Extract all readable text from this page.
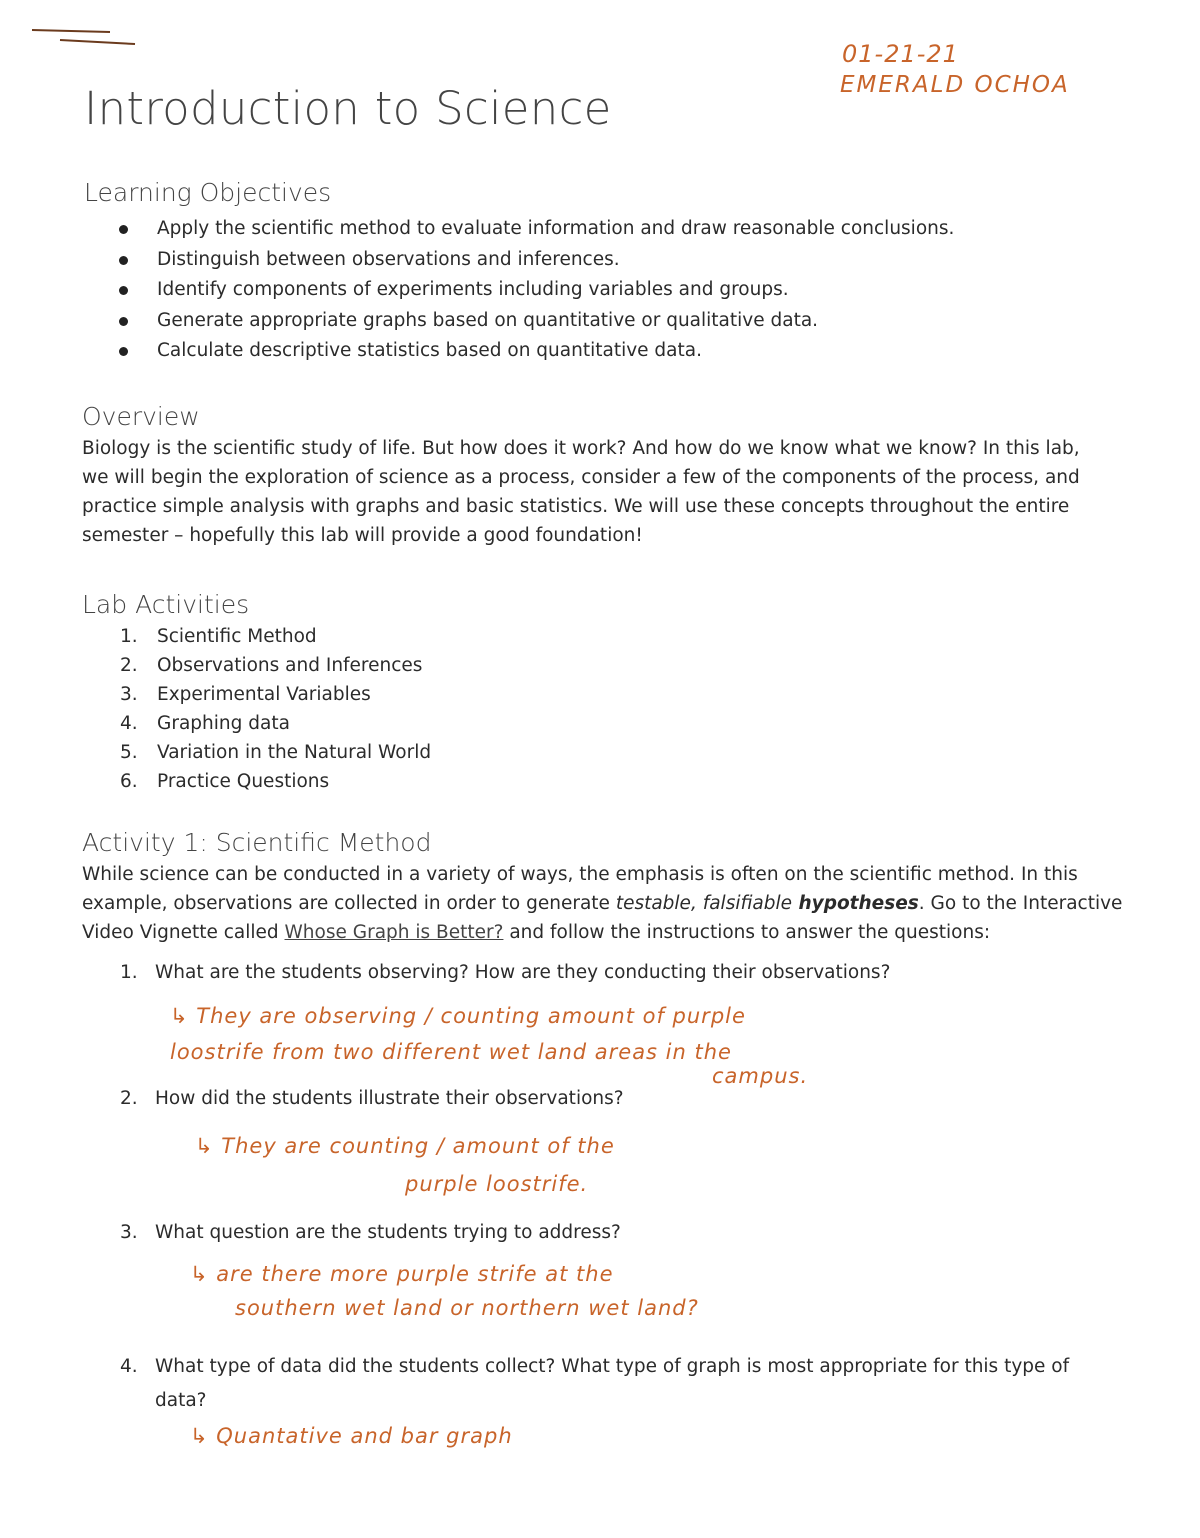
Introduction to Science
01-21-21
EMERALD OCHOA
Learning Objectives
Apply the scientific method to evaluate information and draw reasonable conclusions.
Distinguish between observations and inferences.
Identify components of experiments including variables and groups.
Generate appropriate graphs based on quantitative or qualitative data.
Calculate descriptive statistics based on quantitative data.
Overview
Biology is the scientific study of life. But how does it work? And how do we know what we know? In this lab,
we will begin the exploration of science as a process, consider a few of the components of the process, and
practice simple analysis with graphs and basic statistics. We will use these concepts throughout the entire
semester – hopefully this lab will provide a good foundation!
Lab Activities
1. Scientific Method
2. Observations and Inferences
3. Experimental Variables
4. Graphing data
5. Variation in the Natural World
6. Practice Questions
Activity 1: Scientific Method
While science can be conducted in a variety of ways, the emphasis is often on the scientific method. In this
example, observations are collected in order to generate testable, falsifiable hypotheses. Go to the Interactive
Video Vignette called Whose Graph is Better? and follow the instructions to answer the questions:
1. What are the students observing? How are they conducting their observations?
↳ They are observing / counting amount of purple
loostrife from two different wet land areas in the
campus.
2. How did the students illustrate their observations?
↳ They are counting / amount of the
purple loostrife.
3. What question are the students trying to address?
↳ are there more purple strife at the
southern wet land or northern wet land?
4. What type of data did the students collect? What type of graph is most appropriate for this type of
data?
↳ Quantative and bar graph
